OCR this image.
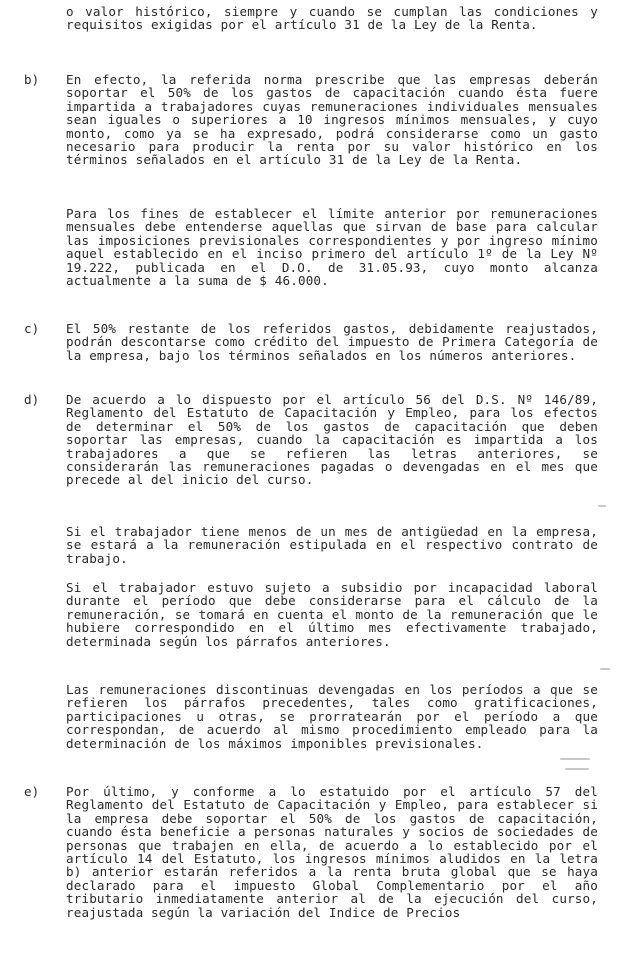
o valor histórico, siempre y cuando se cumplan las condiciones y requisitos exigidas por el artículo 31 de la Ley de la Renta.

b) En efecto, la referida norma prescribe que las empresas deberán soportar el 50% de los gastos de capacitación cuando ésta fuere impartida a trabajadores cuyas remuneraciones individuales mensuales sean iguales o superiores a 10 ingresos mínimos mensuales, y cuyo monto, como ya se ha expresado, podrá considerarse como un gasto necesario para producir la renta por su valor histórico en los términos señalados en el artículo 31 de la Ley de la Renta.

Para los fines de establecer el límite anterior por remuneraciones mensuales debe entenderse aquellas que sirvan de base para calcular las imposiciones previsionales correspondientes y por ingreso mínimo aquel establecido en el inciso primero del artículo 1º de la Ley Nº 19.222, publicada en el D.O. de 31.05.93, cuyo monto alcanza actualmente a la suma de $ 46.000.

c) El 50% restante de los referidos gastos, debidamente reajustados, podrán descontarse como crédito del impuesto de Primera Categoría de la empresa, bajo los términos señalados en los números anteriores.

d) De acuerdo a lo dispuesto por el artículo 56 del D.S. Nº 146/89, Reglamento del Estatuto de Capacitación y Empleo, para los efectos de determinar el 50% de los gastos de capacitación que deben soportar las empresas, cuando la capacitación es impartida a los trabajadores a que se refieren las letras anteriores, se considerarán las remuneraciones pagadas o devengadas en el mes que precede al del inicio del curso.

Si el trabajador tiene menos de un mes de antigüedad en la empresa, se estará a la remuneración estipulada en el respectivo contrato de trabajo.

Si el trabajador estuvo sujeto a subsidio por incapacidad laboral durante el período que debe considerarse para el cálculo de la remuneración, se tomará en cuenta el monto de la remuneración que le hubiere correspondido en el último mes efectivamente trabajado, determinada según los párrafos anteriores.

Las remuneraciones discontinuas devengadas en los períodos a que se refieren los párrafos precedentes, tales como gratificaciones, participaciones u otras, se prorratearán por el período a que correspondan, de acuerdo al mismo procedimiento empleado para la determinación de los máximos imponibles previsionales.

e) Por último, y conforme a lo estatuido por el artículo 57 del Reglamento del Estatuto de Capacitación y Empleo, para establecer si la empresa debe soportar el 50% de los gastos de capacitación, cuando ésta beneficie a personas naturales y socios de sociedades de personas que trabajen en ella, de acuerdo a lo establecido por el artículo 14 del Estatuto, los ingresos mínimos aludidos en la letra b) anterior estarán referidos a la renta bruta global que se haya declarado para el impuesto Global Complementario por el año tributario inmediatamente anterior al de la ejecución del curso, reajustada según la variación del Indice de Precios
